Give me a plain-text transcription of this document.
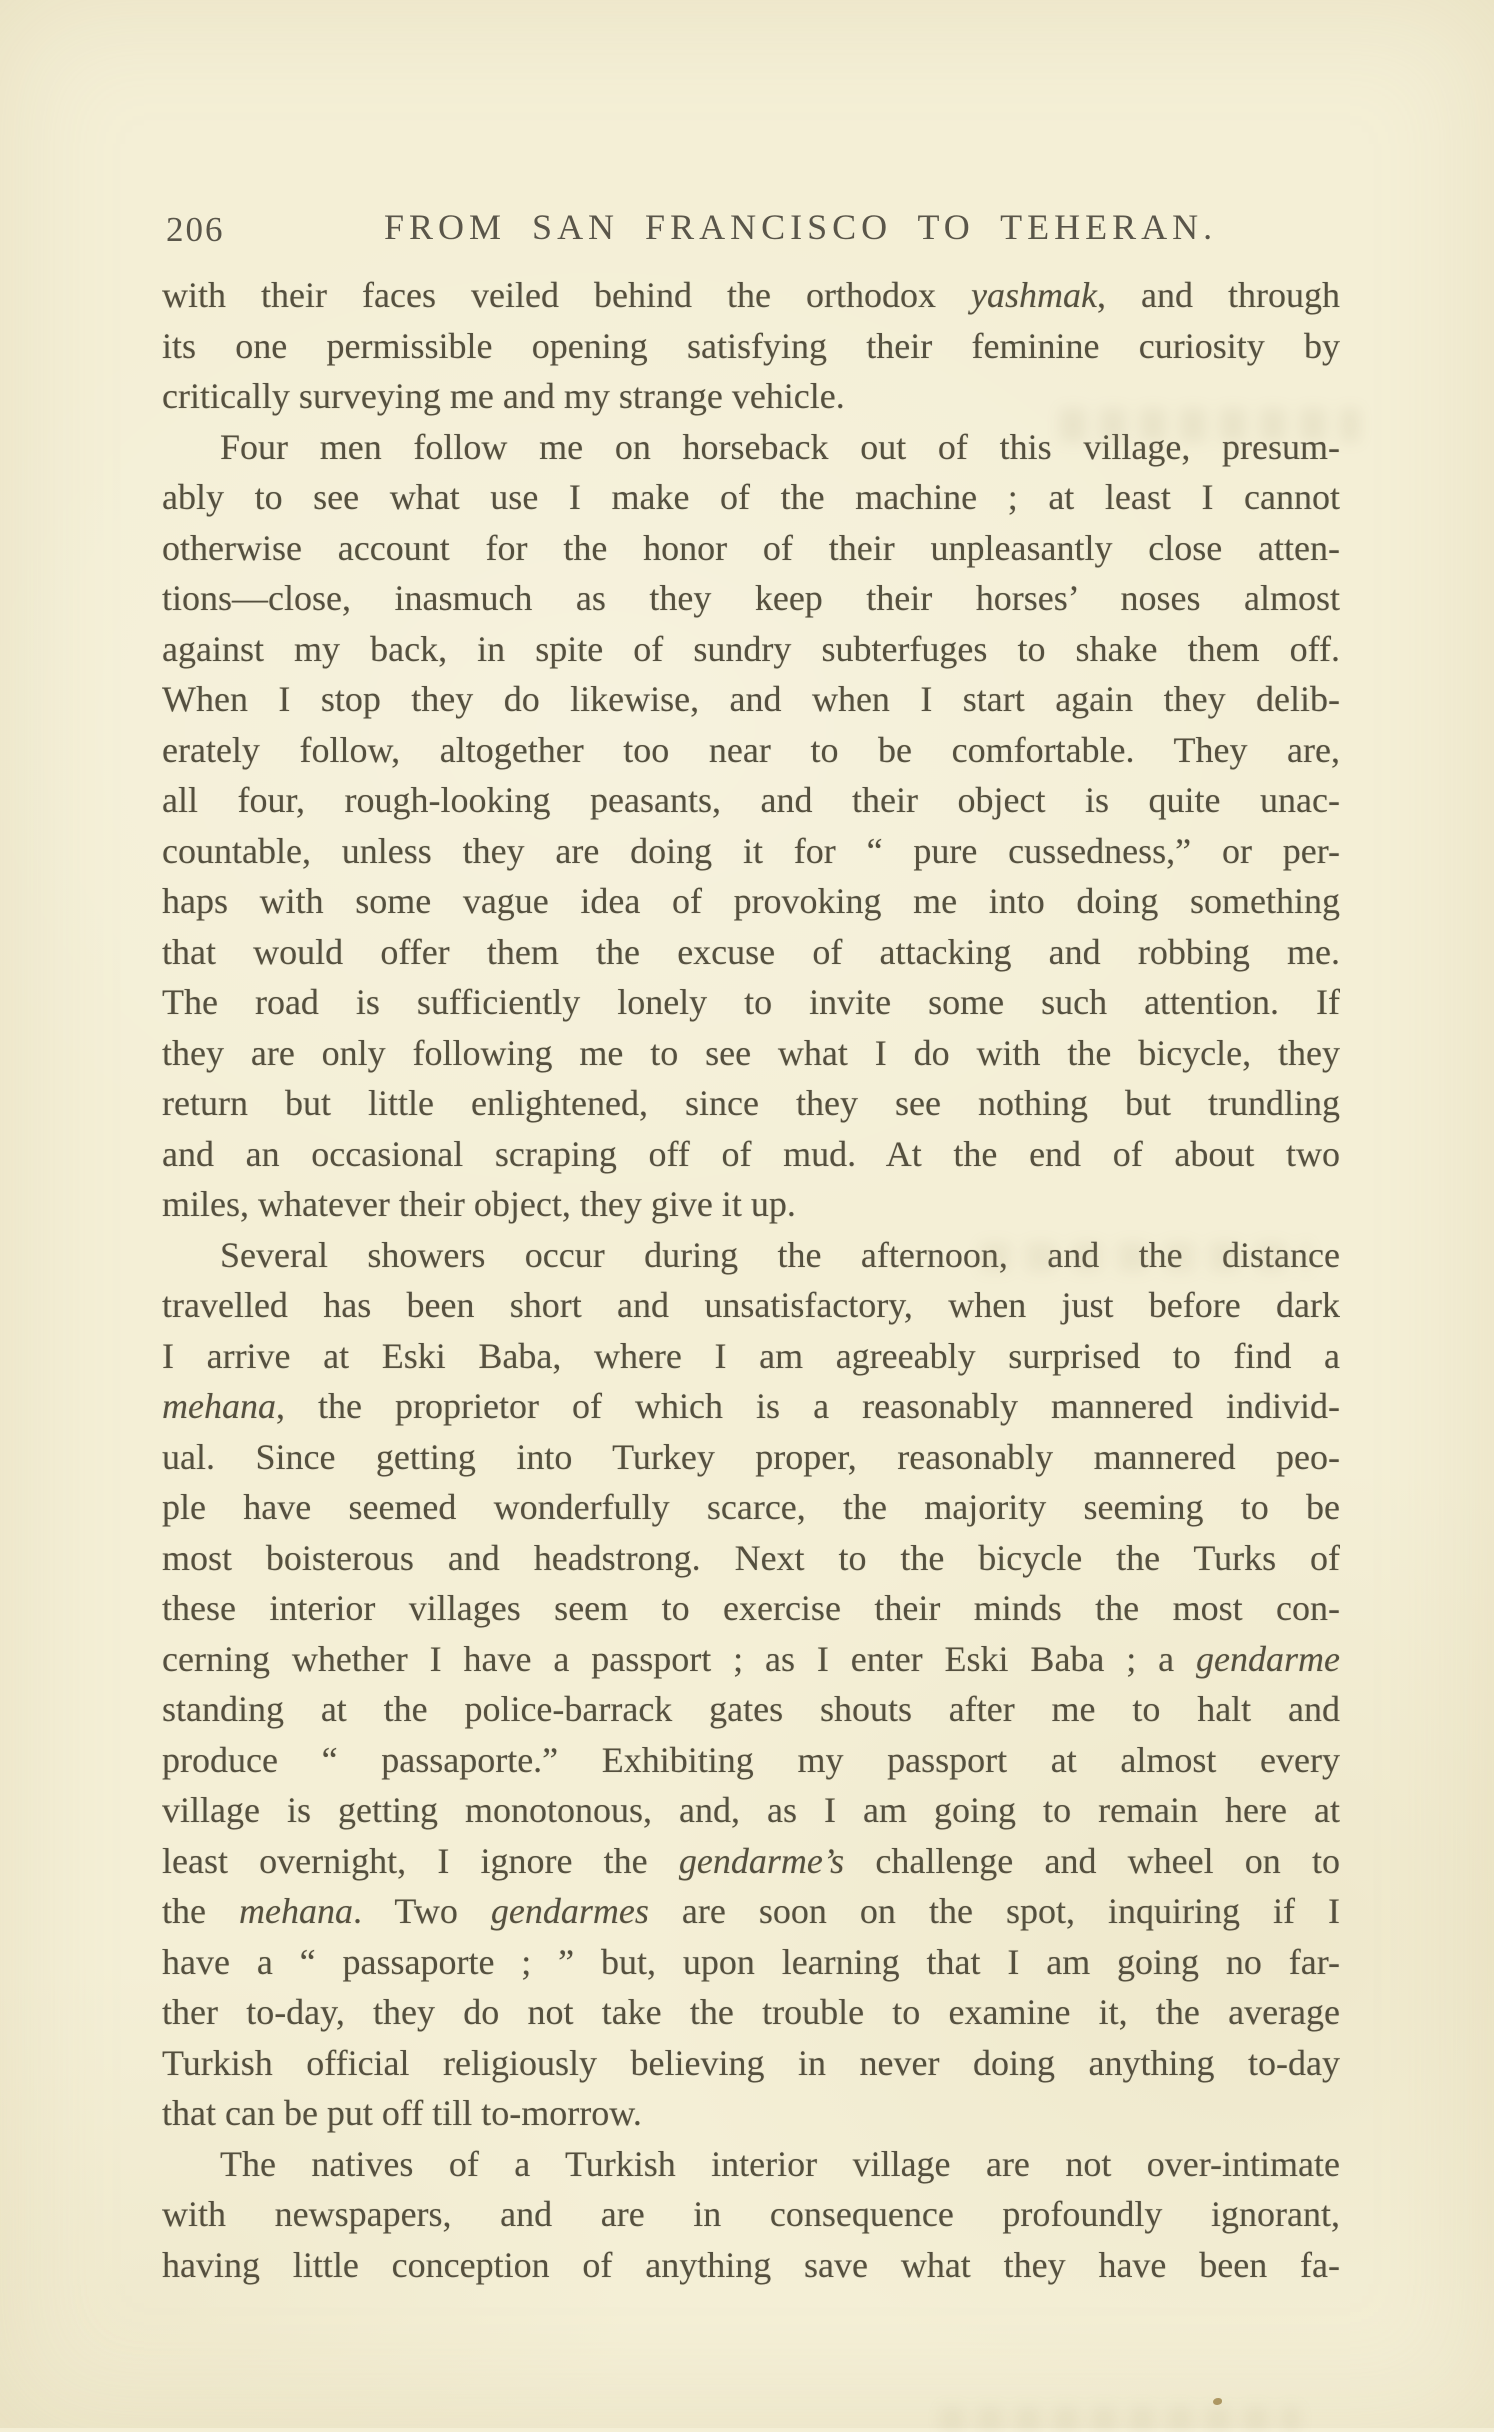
206	FROM SAN FRANCISCO TO TEHERAN.
with their faces veiled behind the orthodox yashmak, and through
its one permissible opening satisfying their feminine curiosity by
critically surveying me and my strange vehicle.
Four men follow me on horseback out of this village, presum-
ably to see what use I make of the machine ; at least I cannot
otherwise account for the honor of their unpleasantly close atten-
tions—close, inasmuch as they keep their horses’ noses almost
against my back, in spite of sundry subterfuges to shake them off.
When I stop they do likewise, and when I start again they delib-
erately follow, altogether too near to be comfortable. They are,
all four, rough-looking peasants, and their object is quite unac-
countable, unless they are doing it for “ pure cussedness,” or per-
haps with some vague idea of provoking me into doing something
that would offer them the excuse of attacking and robbing me.
The road is sufficiently lonely to invite some such attention. If
they are only following me to see what I do with the bicycle, they
return but little enlightened, since they see nothing but trundling
and an occasional scraping off of mud. At the end of about two
miles, whatever their object, they give it up.
Several showers occur during the afternoon, and the distance
travelled has been short and unsatisfactory, when just before dark
I arrive at Eski Baba, where I am agreeably surprised to find a
mehana, the proprietor of which is a reasonably mannered individ-
ual. Since getting into Turkey proper, reasonably mannered peo-
ple have seemed wonderfully scarce, the majority seeming to be
most boisterous and headstrong. Next to the bicycle the Turks of
these interior villages seem to exercise their minds the most con-
cerning whether I have a passport ; as I enter Eski Baba ; a gendarme
standing at the police-barrack gates shouts after me to halt and
produce “ passaporte.” Exhibiting my passport at almost every
village is getting monotonous, and, as I am going to remain here at
least overnight, I ignore the gendarme’s challenge and wheel on to
the mehana. Two gendarmes are soon on the spot, inquiring if I
have a “ passaporte ; ” but, upon learning that I am going no far-
ther to-day, they do not take the trouble to examine it, the average
Turkish official religiously believing in never doing anything to-day
that can be put off till to-morrow.
The natives of a Turkish interior village are not over-intimate
with newspapers, and are in consequence profoundly ignorant,
having little conception of anything save what they have been fa-
